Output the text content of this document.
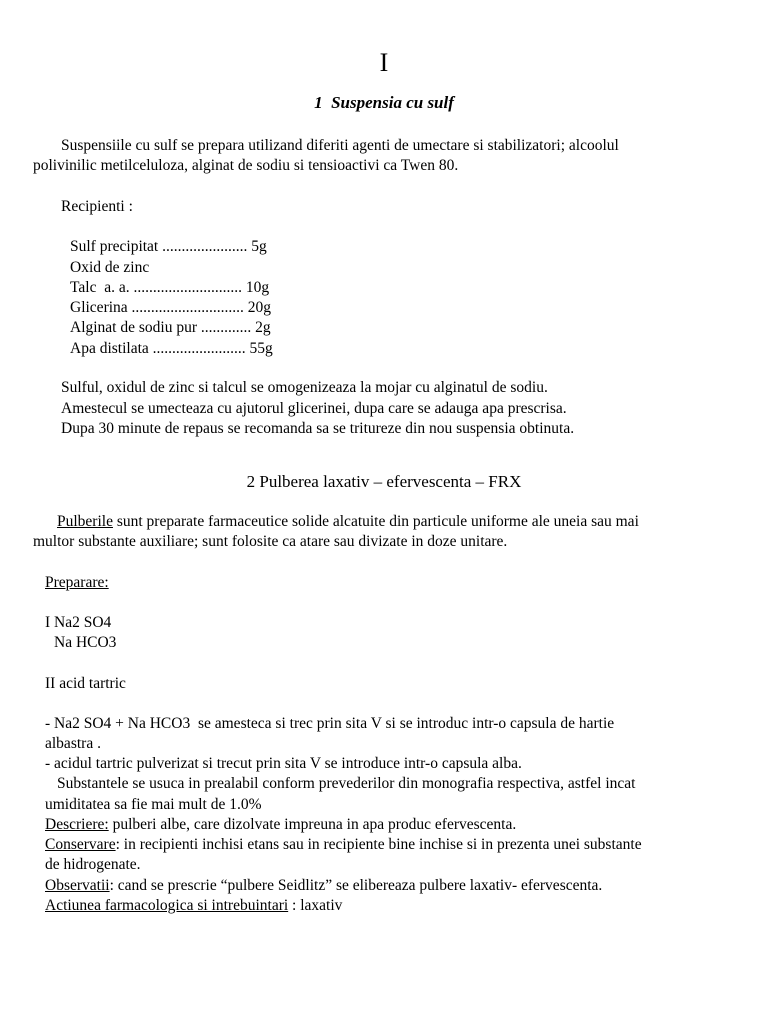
I
1  Suspensia cu sulf
Suspensiile cu sulf se prepara utilizand diferiti agenti de umectare si stabilizatori; alcoolul
polivinilic metilceluloza, alginat de sodiu si tensioactivi ca Twen 80.
Recipienti :
Sulf precipitat ...................... 5g
Oxid de zinc
Talc  a. a. ............................ 10g
Glicerina ............................. 20g
Alginat de sodiu pur ............. 2g
Apa distilata ........................ 55g
Sulful, oxidul de zinc si talcul se omogenizeaza la mojar cu alginatul de sodiu.
Amestecul se umecteaza cu ajutorul glicerinei, dupa care se adauga apa prescrisa.
Dupa 30 minute de repaus se recomanda sa se tritureze din nou suspensia obtinuta.
2 Pulberea laxativ – efervescenta – FRX
Pulberile sunt preparate farmaceutice solide alcatuite din particule uniforme ale uneia sau mai
multor substante auxiliare; sunt folosite ca atare sau divizate in doze unitare.
Preparare:
I Na2 SO4
Na HCO3
II acid tartric
- Na2 SO4 + Na HCO3  se amesteca si trec prin sita V si se introduc intr-o capsula de hartie
albastra .
- acidul tartric pulverizat si trecut prin sita V se introduce intr-o capsula alba.
Substantele se usuca in prealabil conform prevederilor din monografia respectiva, astfel incat
umiditatea sa fie mai mult de 1.0%
Descriere: pulberi albe, care dizolvate impreuna in apa produc efervescenta.
Conservare: in recipienti inchisi etans sau in recipiente bine inchise si in prezenta unei substante
de hidrogenate.
Observatii: cand se prescrie “pulbere Seidlitz” se elibereaza pulbere laxativ- efervescenta.
Actiunea farmacologica si intrebuintari : laxativ
